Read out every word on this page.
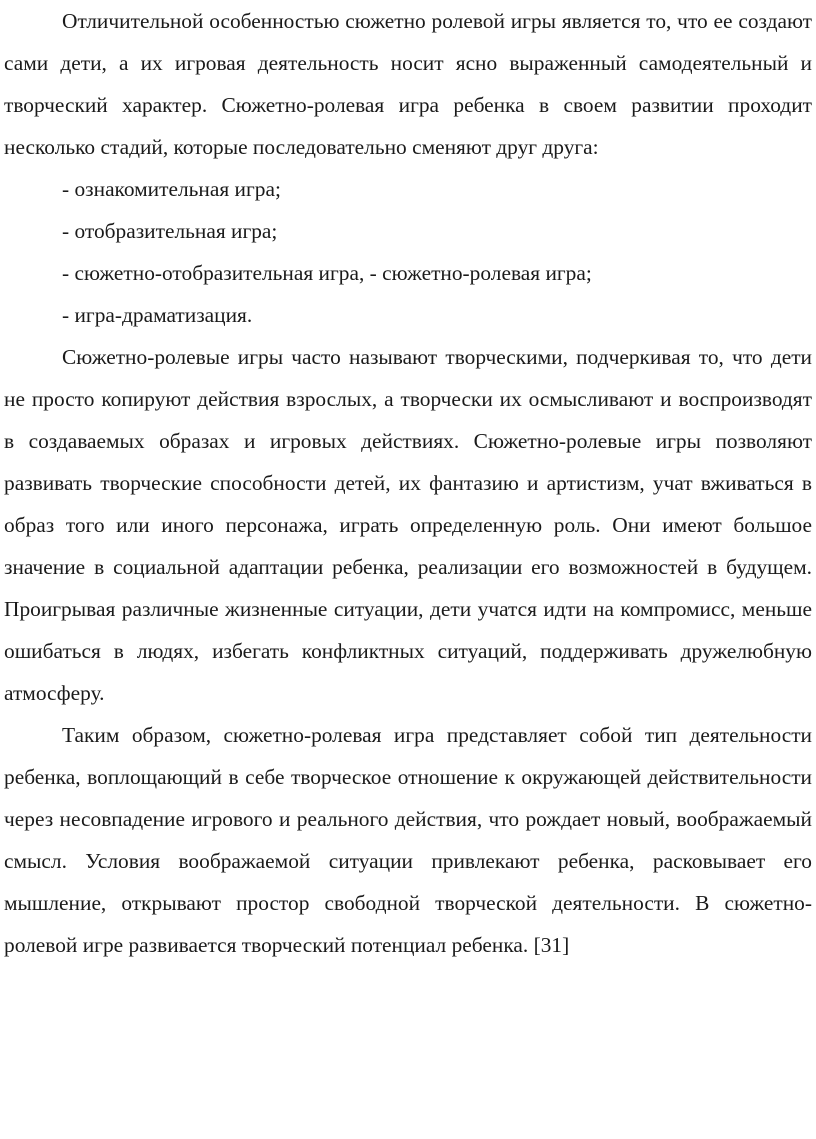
Отличительной особенностью сюжетно ролевой игры является то, что ее создают сами дети, а их игровая деятельность носит ясно выраженный самодеятельный и творческий характер. Сюжетно-ролевая игра ребенка в своем развитии проходит несколько стадий, которые последовательно сменяют друг друга:

- ознакомительная игра;
- отобразительная игра;
- сюжетно-отобразительная игра, - сюжетно-ролевая игра;
- игра-драматизация.

Сюжетно-ролевые игры часто называют творческими, подчеркивая то, что дети не просто копируют действия взрослых, а творчески их осмысливают и воспроизводят в создаваемых образах и игровых действиях. Сюжетно-ролевые игры позволяют развивать творческие способности детей, их фантазию и артистизм, учат вживаться в образ того или иного персонажа, играть определенную роль. Они имеют большое значение в социальной адаптации ребенка, реализации его возможностей в будущем. Проигрывая различные жизненные ситуации, дети учатся идти на компромисс, меньше ошибаться в людях, избегать конфликтных ситуаций, поддерживать дружелюбную атмосферу.

Таким образом, сюжетно-ролевая игра представляет собой тип деятельности ребенка, воплощающий в себе творческое отношение к окружающей действительности через несовпадение игрового и реального действия, что рождает новый, воображаемый смысл. Условия воображаемой ситуации привлекают ребенка, расковывает его мышление, открывают простор свободной творческой деятельности. В сюжетно-ролевой игре развивается творческий потенциал ребенка. [31]
